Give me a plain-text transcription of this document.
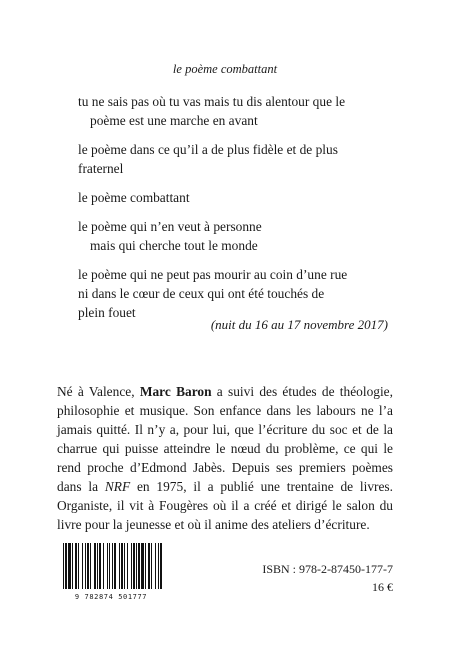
le poème combattant
tu ne sais pas où tu vas mais tu dis alentour que le
poème est une marche en avant
le poème dans ce qu’il a de plus fidèle et de plus
fraternel
le poème combattant
le poème qui n’en veut à personne
mais qui cherche tout le monde
le poème qui ne peut pas mourir au coin d’une rue
ni dans le cœur de ceux qui ont été touchés de
plein fouet
(nuit du 16 au 17 novembre 2017)
Né à Valence, Marc Baron a suivi des études de théologie, philosophie et musique. Son enfance dans les labours ne l’a jamais quitté. Il n’y a, pour lui, que l’écriture du soc et de la charrue qui puisse atteindre le nœud du problème, ce qui le rend proche d’Edmond Jabès. Depuis ses premiers poèmes dans la NRF en 1975, il a publié une trentaine de livres. Organiste, il vit à Fougères où il a créé et dirigé le salon du livre pour la jeunesse et où il anime des ateliers d’écriture.
9 782874 501777
ISBN : 978-2-87450-177-7
16 €
